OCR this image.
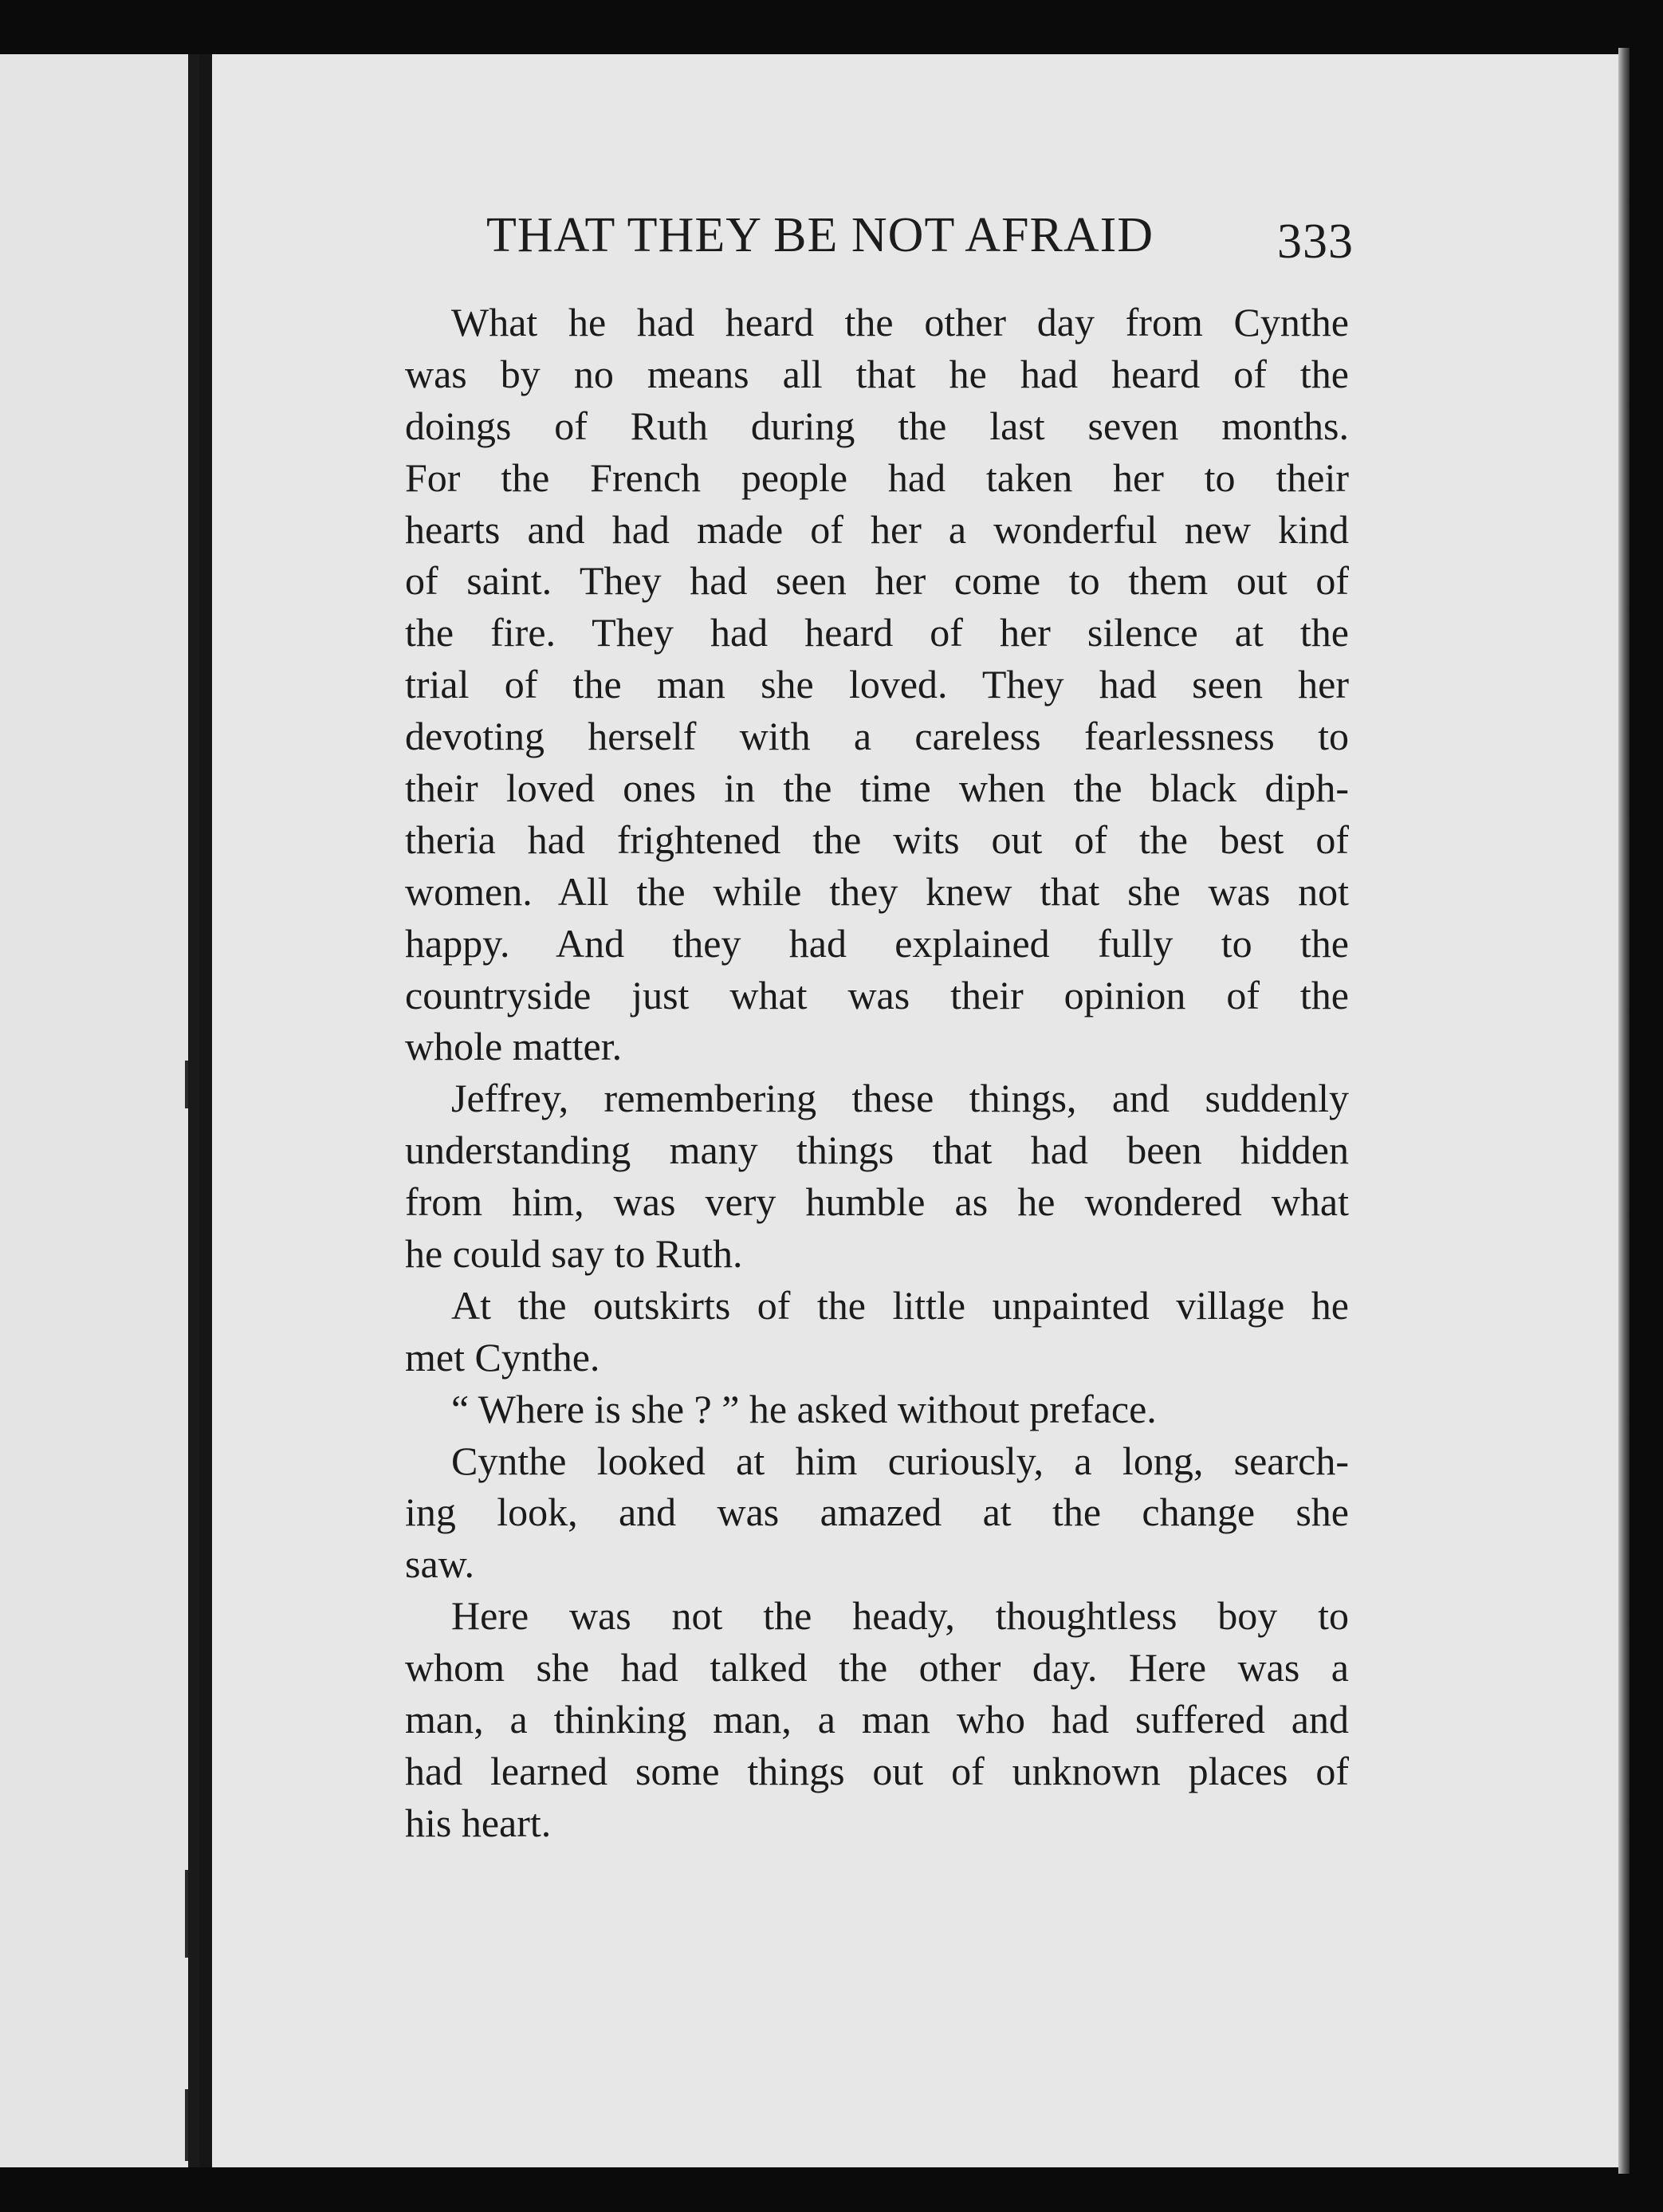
THAT THEY BE NOT AFRAID 333
What he had heard the other day from Cynthe
was by no means all that he had heard of the
doings of Ruth during the last seven months.
For the French people had taken her to their
hearts and had made of her a wonderful new kind
of saint. They had seen her come to them out of
the fire. They had heard of her silence at the
trial of the man she loved. They had seen her
devoting herself with a careless fearlessness to
their loved ones in the time when the black diph-
theria had frightened the wits out of the best of
women. All the while they knew that she was not
happy. And they had explained fully to the
countryside just what was their opinion of the
whole matter.
Jeffrey, remembering these things, and suddenly
understanding many things that had been hidden
from him, was very humble as he wondered what
he could say to Ruth.
At the outskirts of the little unpainted village he
met Cynthe.
“ Where is she ? ” he asked without preface.
Cynthe looked at him curiously, a long, search-
ing look, and was amazed at the change she
saw.
Here was not the heady, thoughtless boy to
whom she had talked the other day. Here was a
man, a thinking man, a man who had suffered and
had learned some things out of unknown places of
his heart.
